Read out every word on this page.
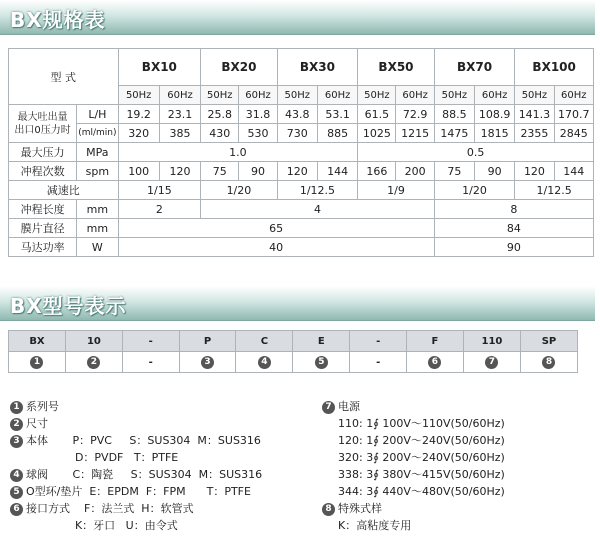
BX规格表
型 式		BX10		BX20		BX30		BX50		BX70		BX100	
		50Hz	60Hz	50Hz	60Hz	50Hz	60Hz	50Hz	60Hz	50Hz	60Hz	50Hz	60Hz
最大吐出量
出口0压力时	L/H	19.2	23.1	25.8	31.8	43.8	53.1	61.5	72.9	88.5	108.9	141.3	170.7
	(ml/min)	320	385	430	530	730	885	1025	1215	1475	1815	2355	2845
最大压力	MPa	1.0						0.5					
冲程次数	spm	100	120	75	90	120	144	166	200	75	90	120	144
减速比		1/15		1/20		1/12.5		1/9		1/20		1/12.5	
冲程长度	mm	2		4						8			
膜片直径	mm	65								84			
马达功率	W	40								90			
BX型号表示
BX	10	-	P	C	E	-	F	110	SP
1	2	-	3	4	5	-	6	7	8
1 系列号
2 尺寸
3 本体       P：PVC     S：SUS304  M：SUS316
D：PVDF   T：PTFE
4 球阀       C：陶瓷     S：SUS304  M：SUS316
5 O型环/垫片  E：EPDM  F：FPM      T：PTFE
6 接口方式    F：法兰式  H：软管式
K：牙口   U：由令式
7 电源
110: 1∮ 100V～110V(50/60Hz)
120: 1∮ 200V～240V(50/60Hz)
320: 3∮ 200V～240V(50/60Hz)
338: 3∮ 380V～415V(50/60Hz)
344: 3∮ 440V～480V(50/60Hz)
8 特殊式样
K：高粘度专用
